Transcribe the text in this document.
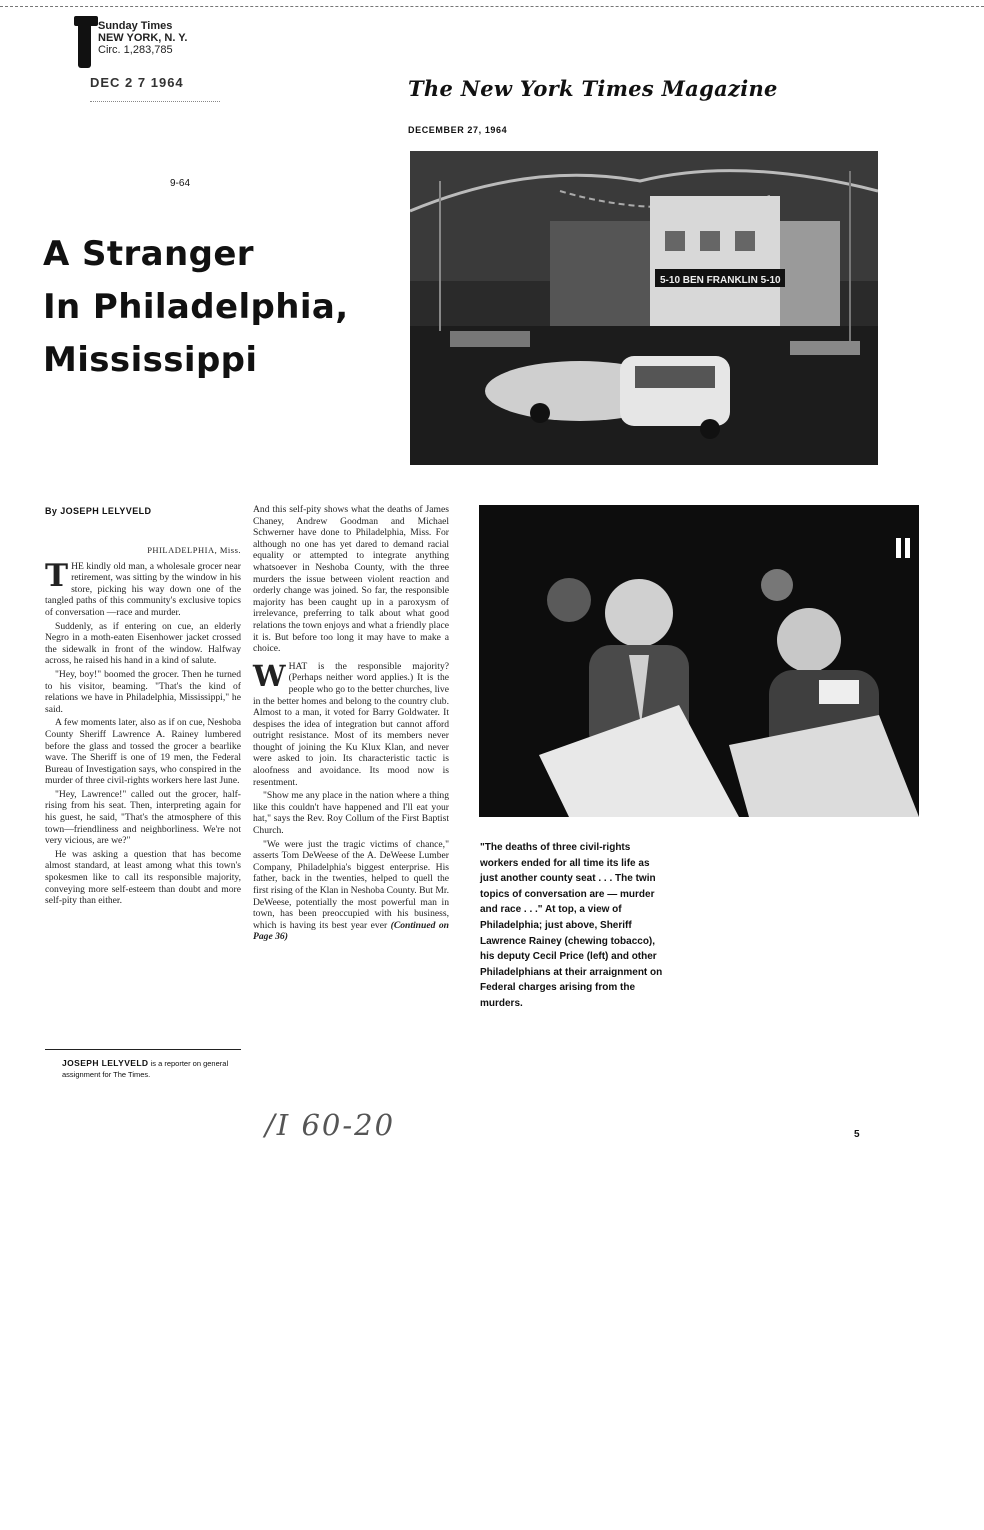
Sunday Times
NEW YORK, N. Y.
Circ. 1,283,785
DEC 2 7 1964	The New York Times Magazine
DECEMBER 27, 1964
9-64
A Stranger
In Philadelphia,
Mississippi
5-10 BEN FRANKLIN 5-10
By JOSEPH LELYVELD
PHILADELPHIA, Miss.

THE kindly old man, a wholesale grocer near retirement, was sitting by the window in his store, picking his way down one of the tangled paths of this community's exclusive topics of conversation —race and murder.

Suddenly, as if entering on cue, an elderly Negro in a moth-eaten Eisenhower jacket crossed the sidewalk in front of the window. Halfway across, he raised his hand in a kind of salute.

"Hey, boy!" boomed the grocer. Then he turned to his visitor, beaming. "That's the kind of relations we have in Philadelphia, Mississippi," he said.

A few moments later, also as if on cue, Neshoba County Sheriff Lawrence A. Rainey lumbered before the glass and tossed the grocer a bearlike wave. The Sheriff is one of 19 men, the Federal Bureau of Investigation says, who conspired in the murder of three civil-rights workers here last June.

"Hey, Lawrence!" called out the grocer, half-rising from his seat. Then, interpreting again for his guest, he said, "That's the atmosphere of this town—friendliness and neighborliness. We're not very vicious, are we?"

He was asking a question that has become almost standard, at least among what this town's spokesmen like to call its responsible majority, conveying more self-esteem than doubt and more self-pity than either.

JOSEPH LELYVELD is a reporter on general assignment for The Times.

And this self-pity shows what the deaths of James Chaney, Andrew Goodman and Michael Schwerner have done to Philadelphia, Miss. For although no one has yet dared to demand racial equality or attempted to integrate anything whatsoever in Neshoba County, with the three murders the issue between violent reaction and orderly change was joined. So far, the responsible majority has been caught up in a paroxysm of irrelevance, preferring to talk about what good relations the town enjoys and what a friendly place it is. But before too long it may have to make a choice.

WHAT is the responsible majority? (Perhaps neither word applies.) It is the people who go to the better churches, live in the better homes and belong to the country club. Almost to a man, it voted for Barry Goldwater. It despises the idea of integration but cannot afford outright resistance. Most of its members never thought of joining the Ku Klux Klan, and never were asked to join. Its characteristic tactic is aloofness and avoidance. Its mood now is resentment.

"Show me any place in the nation where a thing like this couldn't have happened and I'll eat your hat," says the Rev. Roy Collum of the First Baptist Church.

"We were just the tragic victims of chance," asserts Tom DeWeese of the A. DeWeese Lumber Company, Philadelphia's biggest enterprise. His father, back in the twenties, helped to quell the first rising of the Klan in Neshoba County. But Mr. DeWeese, potentially the most powerful man in town, has been preoccupied with his business, which is having its best year ever (Continued on Page 36)

"The deaths of three civil-rights workers ended for all time its life as just another county seat . . . The twin topics of conversation are — murder and race . . ." At top, a view of Philadelphia; just above, Sheriff Lawrence Rainey (chewing tobacco), his deputy Cecil Price (left) and other Philadelphians at their arraignment on Federal charges arising from the murders.
/I 60-20	5
